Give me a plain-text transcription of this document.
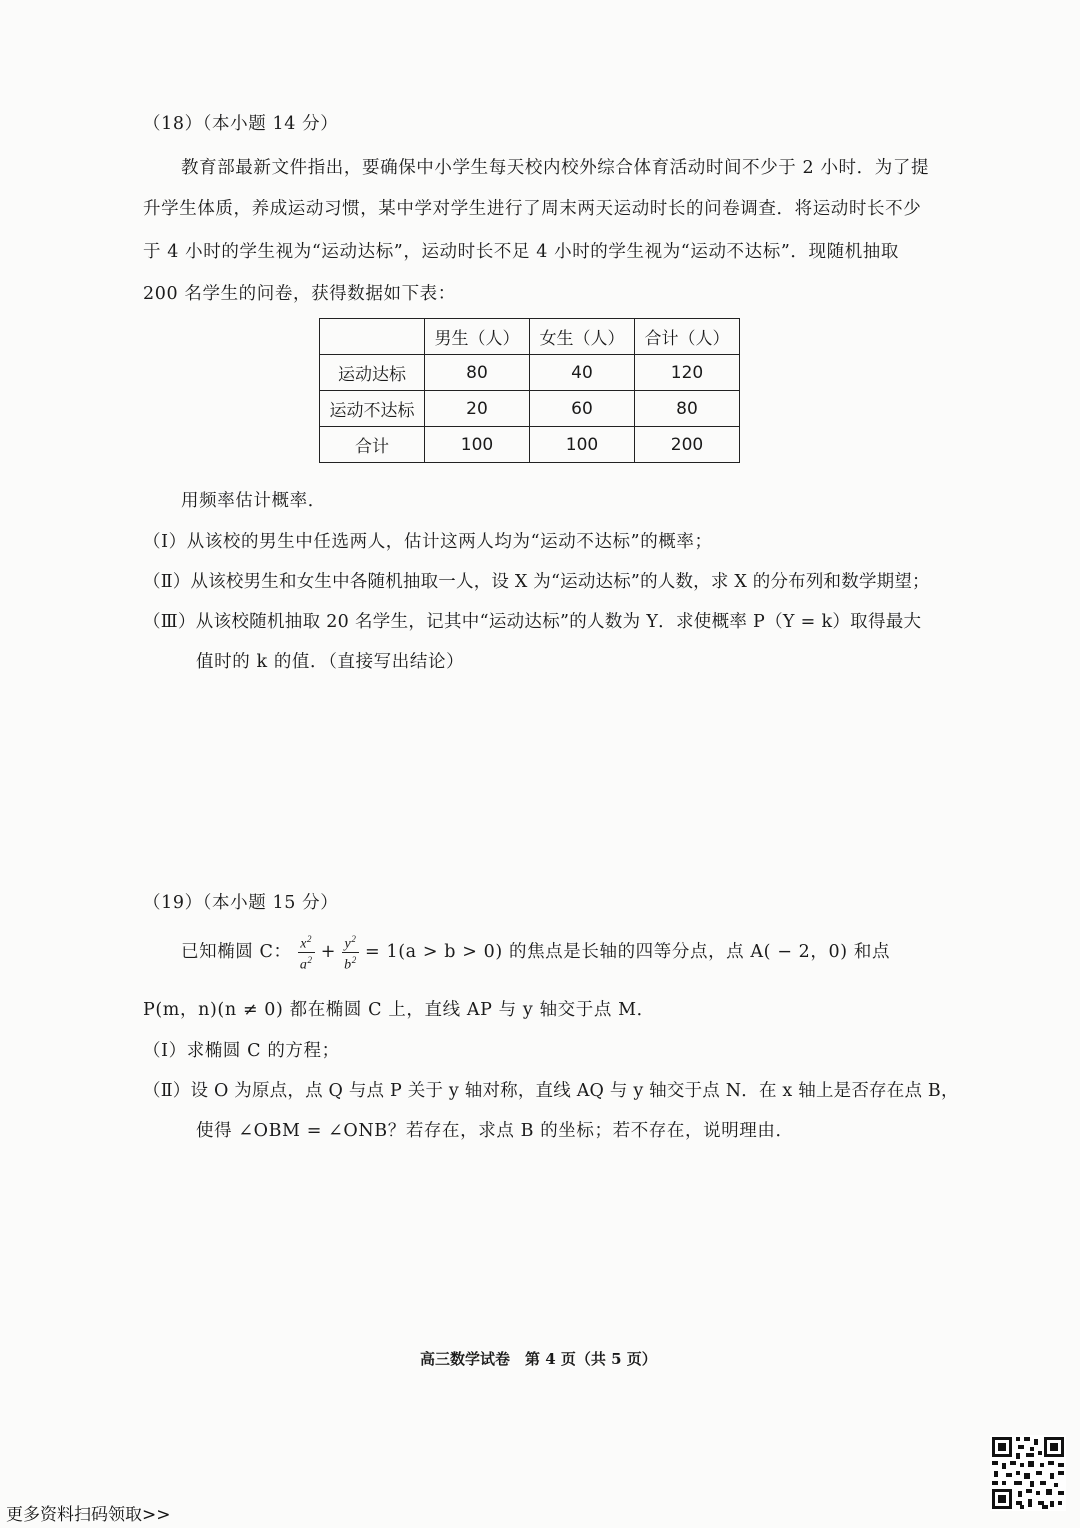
（18）（本小题 14 分）
教育部最新文件指出，要确保中小学生每天校内校外综合体育活动时间不少于 2 小时．为了提
升学生体质，养成运动习惯，某中学对学生进行了周末两天运动时长的问卷调查．将运动时长不少
于 4 小时的学生视为“运动达标”，运动时长不足 4 小时的学生视为“运动不达标”．现随机抽取
200 名学生的问卷，获得数据如下表：
	男生（人）	女生（人）	合计（人）
运动达标	80	40	120
运动不达标	20	60	80
合计	100	100	200
用频率估计概率．
（Ⅰ）从该校的男生中任选两人，估计这两人均为“运动不达标”的概率；
（Ⅱ）从该校男生和女生中各随机抽取一人，设 X 为“运动达标”的人数，求 X 的分布列和数学期望；
（Ⅲ）从该校随机抽取 20 名学生，记其中“运动达标”的人数为 Y．求使概率 P（Y = k）取得最大
值时的 k 的值．（直接写出结论）
（19）（本小题 15 分）
已知椭圆 C： $\frac{x^2}{a^2} + \frac{y^2}{b^2} = 1(a > b > 0)$ 的焦点是长轴的四等分点，点 A( − 2，0) 和点
P(m，n)(n ≠ 0) 都在椭圆 C 上，直线 AP 与 y 轴交于点 M．
（Ⅰ）求椭圆 C 的方程；
（Ⅱ）设 O 为原点，点 Q 与点 P 关于 y 轴对称，直线 AQ 与 y 轴交于点 N．在 x 轴上是否存在点 B，
使得 ∠OBM = ∠ONB？若存在，求点 B 的坐标；若不存在，说明理由．
高三数学试卷　第 4 页（共 5 页）
更多资料扫码领取>>
